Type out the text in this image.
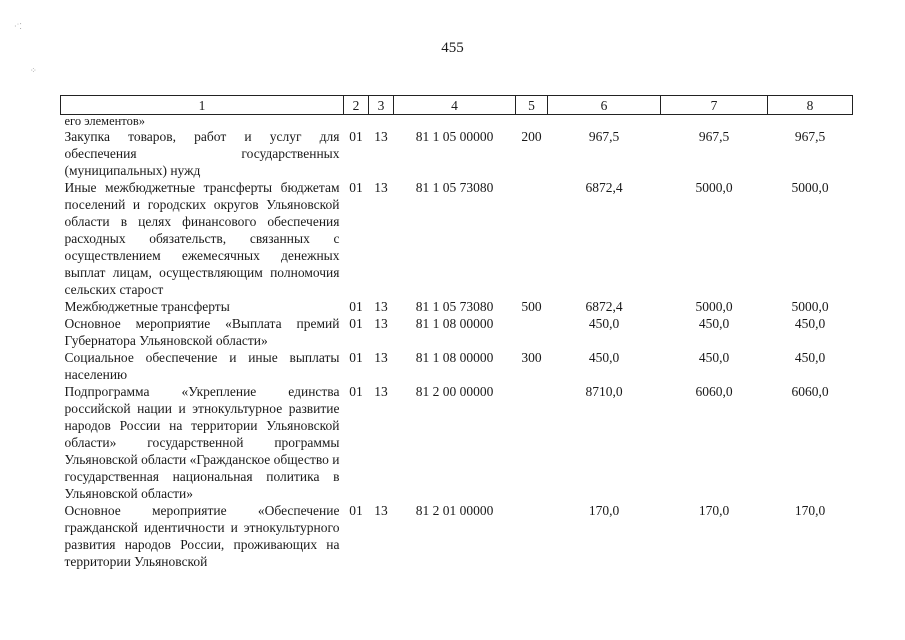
455
1	2	3	4	5	6	7	8
его элементов»							
Закупка товаров, работ и услуг для обеспечения государственных (муниципальных) нужд	01	13	81 1 05 00000	200	967,5	967,5	967,5
Иные межбюджетные трансферты бюджетам поселений и городских округов Ульяновской области в целях финансового обеспечения расходных обязательств, связанных с осуществлением ежемесячных денежных выплат лицам, осуществляющим полномочия сельских старост	01	13	81 1 05 73080		6872,4	5000,0	5000,0
Межбюджетные трансферты	01	13	81 1 05 73080	500	6872,4	5000,0	5000,0
Основное мероприятие «Выплата премий Губернатора Ульяновской области»	01	13	81 1 08 00000		450,0	450,0	450,0
Социальное обеспечение и иные выплаты населению	01	13	81 1 08 00000	300	450,0	450,0	450,0
Подпрограмма «Укрепление единства российской нации и этнокультурное развитие народов России на территории Ульяновской области» государственной программы Ульяновской области «Гражданское общество и государственная национальная политика в Ульяновской области»	01	13	81 2 00 00000		8710,0	6060,0	6060,0
Основное мероприятие «Обеспечение гражданской идентичности и этнокультурного развития народов России, проживающих на территории Ульяновской	01	13	81 2 01 00000		170,0	170,0	170,0
·˙⁚
⁘
